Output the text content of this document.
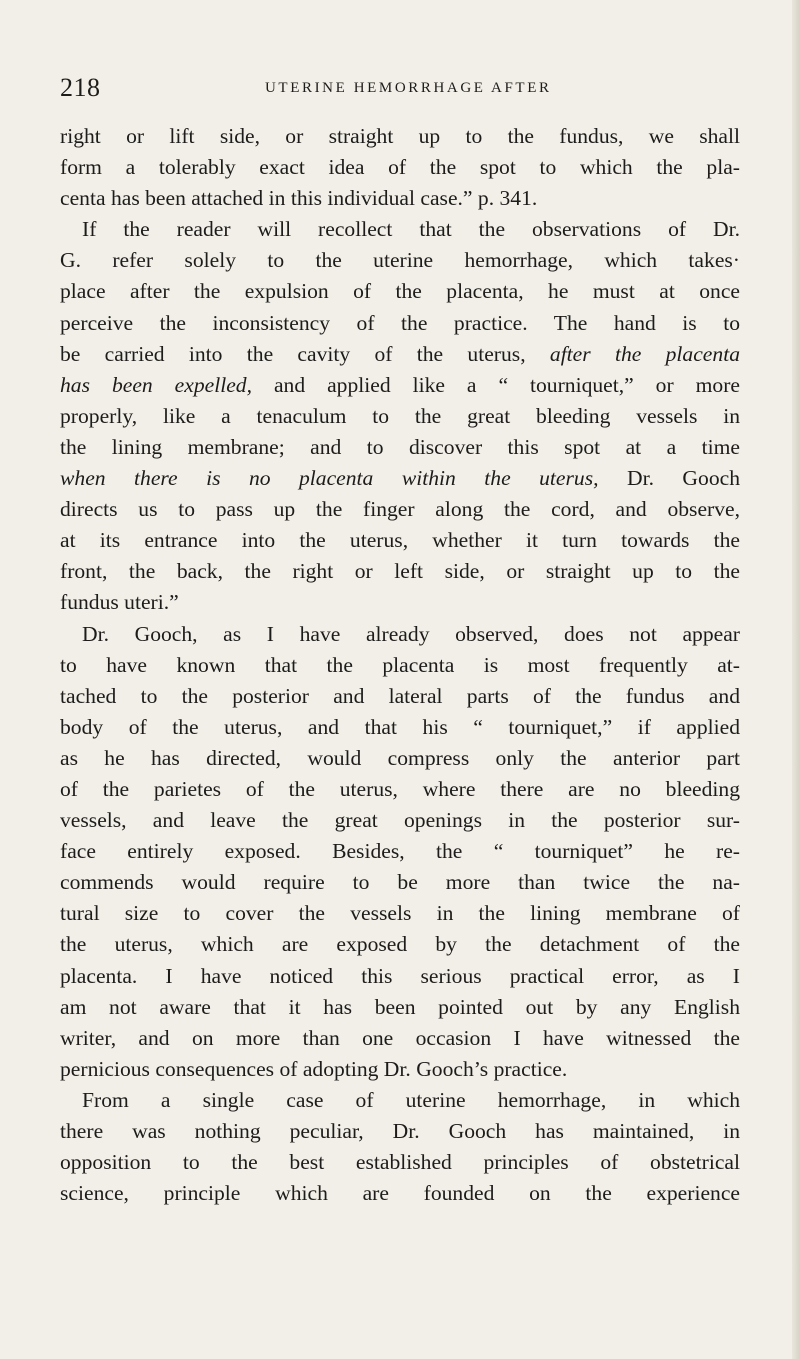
218	UTERINE HEMORRHAGE AFTER
right or lift side, or straight up to the fundus, we shall
form a tolerably exact idea of the spot to which the pla-
centa has been attached in this individual case.” p. 341.
If the reader will recollect that the observations of Dr.
G. refer solely to the uterine hemorrhage, which takes·
place after the expulsion of the placenta, he must at once
perceive the inconsistency of the practice. The hand is to
be carried into the cavity of the uterus, after the placenta
has been expelled, and applied like a “ tourniquet,” or more
properly, like a tenaculum to the great bleeding vessels in
the lining membrane; and to discover this spot at a time
when there is no placenta within the uterus, Dr. Gooch
directs us to pass up the finger along the cord, and observe,
at its entrance into the uterus, whether it turn towards the
front, the back, the right or left side, or straight up to the
fundus uteri.”
Dr. Gooch, as I have already observed, does not appear
to have known that the placenta is most frequently at-
tached to the posterior and lateral parts of the fundus and
body of the uterus, and that his “ tourniquet,” if applied
as he has directed, would compress only the anterior part
of the parietes of the uterus, where there are no bleeding
vessels, and leave the great openings in the posterior sur-
face entirely exposed. Besides, the “ tourniquet” he re-
commends would require to be more than twice the na-
tural size to cover the vessels in the lining membrane of
the uterus, which are exposed by the detachment of the
placenta. I have noticed this serious practical error, as I
am not aware that it has been pointed out by any English
writer, and on more than one occasion I have witnessed the
pernicious consequences of adopting Dr. Gooch’s practice.
From a single case of uterine hemorrhage, in which
there was nothing peculiar, Dr. Gooch has maintained, in
opposition to the best established principles of obstetrical
science, principle which are founded on the experience
